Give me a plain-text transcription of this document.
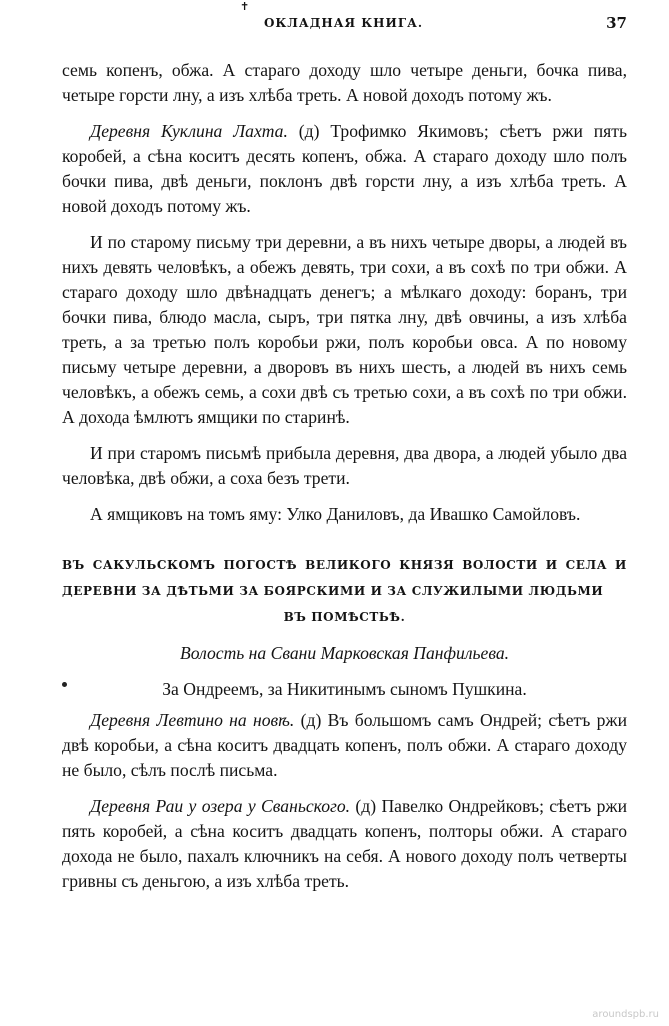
✝
ОКЛАДНАЯ КНИГА.	37

семь копенъ, обжа. А стараго доходу шло четыре деньги, бочка пива, четыре горсти лну, а изъ хлѣба треть. А новой доходъ потому жъ.

Деревня Куклина Лахта. (д) Трофимко Якимовъ; сѣетъ ржи пять коробей, а сѣна коситъ десять копенъ, обжа. А стараго доходу шло полъ бочки пива, двѣ деньги, поклонъ двѣ горсти лну, а изъ хлѣба треть. А новой доходъ потому жъ.

И по старому письму три деревни, а въ нихъ четыре дворы, а людей въ нихъ девять человѣкъ, а обежъ девять, три сохи, а въ сохѣ по три обжи. А стараго доходу шло двѣнадцать денегъ; а мѣлкаго доходу: боранъ, три бочки пива, блюдо масла, сыръ, три пятка лну, двѣ овчины, а изъ хлѣба треть, а за третью полъ коробьи ржи, полъ коробьи овса. А по новому письму четыре деревни, а дворовъ въ нихъ шесть, а людей въ нихъ семь человѣкъ, а обежъ семь, а сохи двѣ съ третью сохи, а въ сохѣ по три обжи. А дохода ѣмлютъ ямщики по старинѣ.

И при старомъ письмѣ прибыла деревня, два двора, а людей убыло два человѣка, двѣ обжи, а соха безъ трети.

А ямщиковъ на томъ яму: Улко Даниловъ, да Ивашко Самойловъ.

ВЪ САКУЛЬСКОМЪ ПОГОСТѢ ВЕЛИКОГО КНЯЗЯ ВОЛОСТИ И СЕЛА И ДЕРЕВНИ ЗА ДѢТЬМИ ЗА БОЯРСКИМИ И ЗА СЛУЖИЛЫМИ ЛЮДЬМИ

ВЪ ПОМѢСТЬѢ.

Волость на Свани Марковская Панфильева.

За Ондреемъ, за Никитинымъ сыномъ Пушкина.

Деревня Левтино на новѣ. (д) Въ большомъ самъ Ондрей; сѣетъ ржи двѣ коробьи, а сѣна коситъ двадцать копенъ, полъ обжи. А стараго доходу не было, сѣлъ послѣ письма.

Деревня Раи у озера у Сваньского. (д) Павелко Ондрейковъ; сѣетъ ржи пять коробей, а сѣна коситъ двадцать копенъ, полторы обжи. А стараго дохода не было, пахалъ ключникъ на себя. А нового доходу полъ четверты гривны съ деньгою, а изъ хлѣба треть.

aroundspb.ru
